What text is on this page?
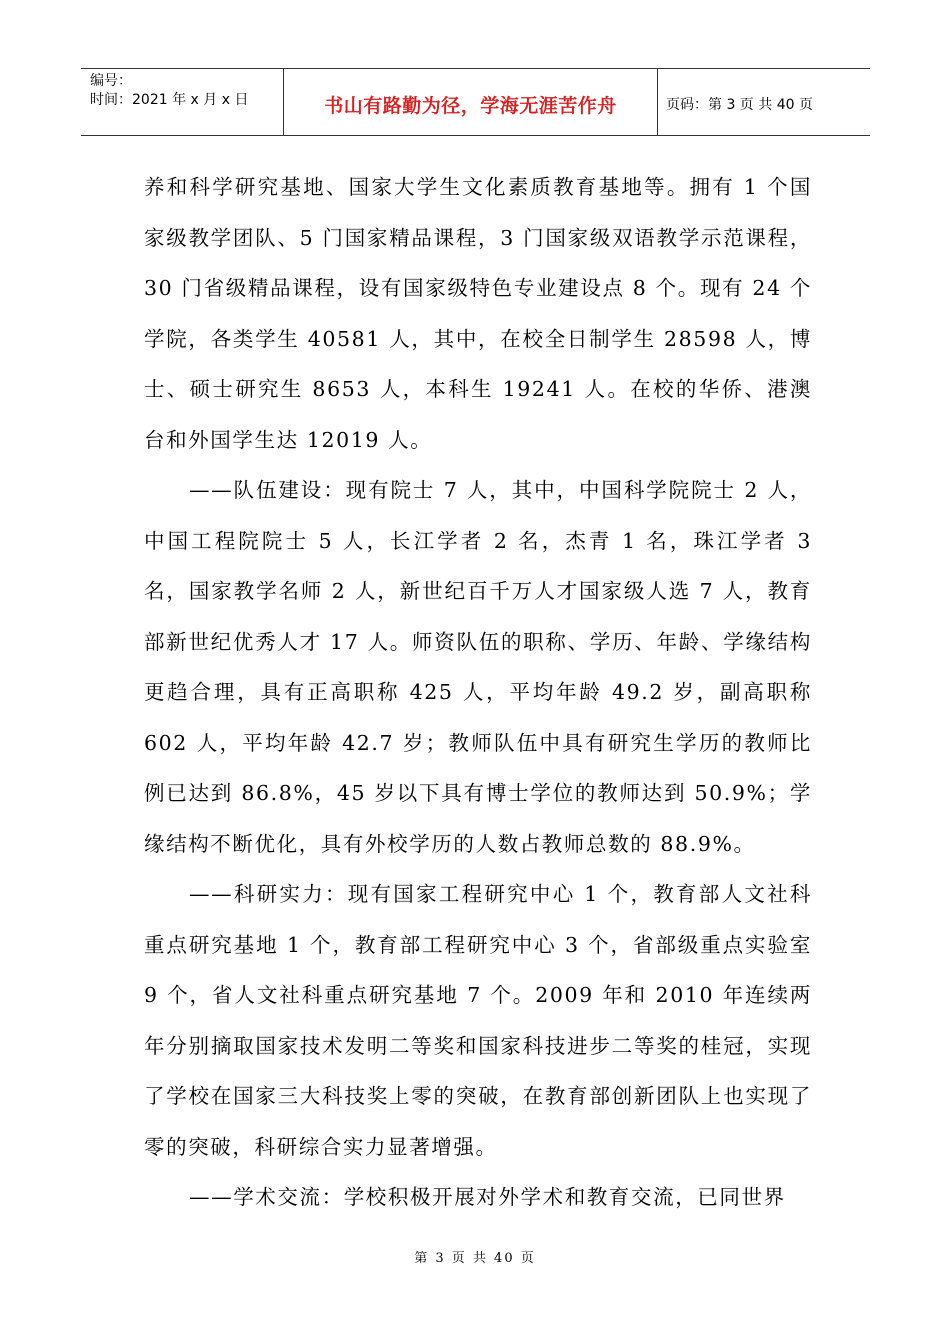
编号：
时间：2021 年 x 月 x 日	书山有路勤为径，学海无涯苦作舟	页码：第 3 页 共 40 页

养和科学研究基地、国家大学生文化素质教育基地等。拥有 1 个国家级教学团队、5 门国家精品课程，3 门国家级双语教学示范课程，30 门省级精品课程，设有国家级特色专业建设点 8 个。现有 24 个学院，各类学生 40581 人，其中，在校全日制学生 28598 人，博士、硕士研究生 8653 人，本科生 19241 人。在校的华侨、港澳台和外国学生达 12019 人。

——队伍建设：现有院士 7 人，其中，中国科学院院士 2 人，中国工程院院士 5 人，长江学者 2 名，杰青 1 名，珠江学者 3 名，国家教学名师 2 人，新世纪百千万人才国家级人选 7 人，教育部新世纪优秀人才 17 人。师资队伍的职称、学历、年龄、学缘结构更趋合理，具有正高职称 425 人，平均年龄 49.2 岁，副高职称 602 人，平均年龄 42.7 岁；教师队伍中具有研究生学历的教师比例已达到 86.8%，45 岁以下具有博士学位的教师达到 50.9%；学缘结构不断优化，具有外校学历的人数占教师总数的 88.9%。

——科研实力：现有国家工程研究中心 1 个，教育部人文社科重点研究基地 1 个，教育部工程研究中心 3 个，省部级重点实验室 9 个，省人文社科重点研究基地 7 个。2009 年和 2010 年连续两年分别摘取国家技术发明二等奖和国家科技进步二等奖的桂冠，实现了学校在国家三大科技奖上零的突破，在教育部创新团队上也实现了零的突破，科研综合实力显著增强。

——学术交流：学校积极开展对外学术和教育交流，已同世界

第 3 页 共 40 页
